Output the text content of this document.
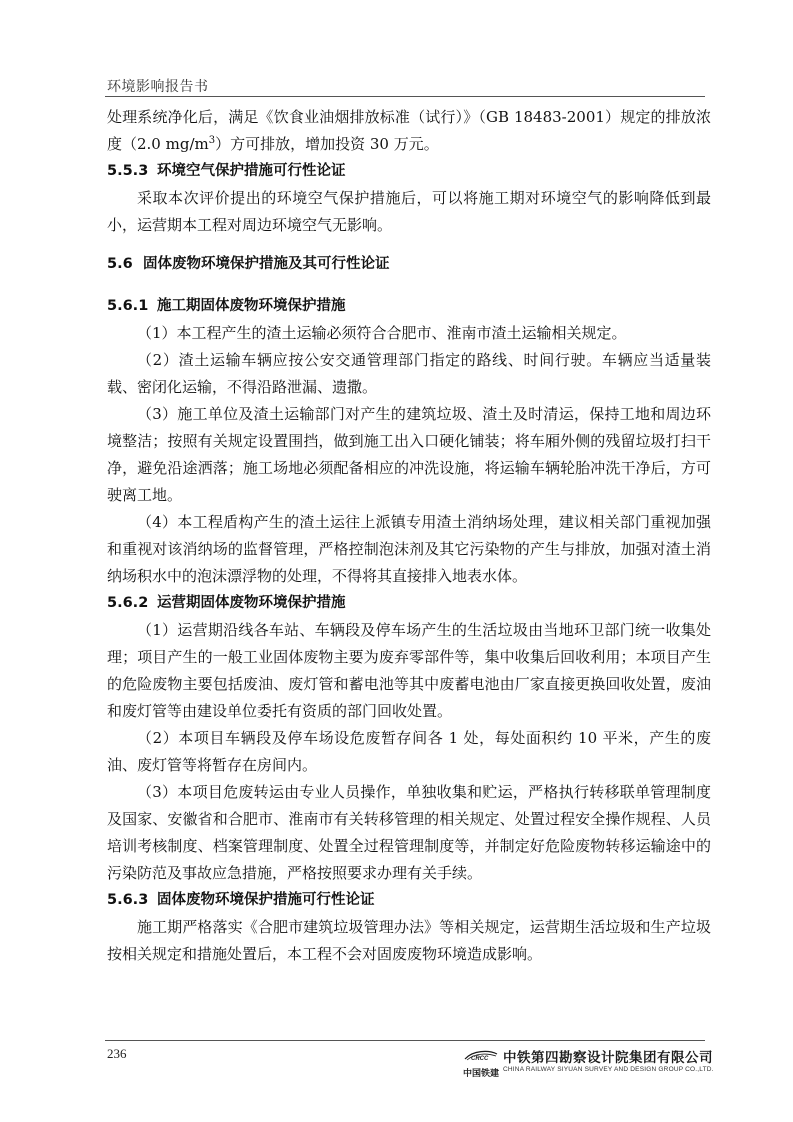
环境影响报告书

处理系统净化后，满足《饮食业油烟排放标准（试行）》（GB 18483-2001）规定的排放浓度（2.0 $mg/m^3$）方可排放，增加投资 30 万元。

5.5.3 环境空气保护措施可行性论证

采取本次评价提出的环境空气保护措施后，可以将施工期对环境空气的影响降低到最小，运营期本工程对周边环境空气无影响。

5.6 固体废物环境保护措施及其可行性论证
5.6.1 施工期固体废物环境保护措施

（1）本工程产生的渣土运输必须符合合肥市、淮南市渣土运输相关规定。

（2）渣土运输车辆应按公安交通管理部门指定的路线、时间行驶。车辆应当适量装载、密闭化运输，不得沿路泄漏、遗撒。

（3）施工单位及渣土运输部门对产生的建筑垃圾、渣土及时清运，保持工地和周边环境整洁；按照有关规定设置围挡，做到施工出入口硬化铺装；将车厢外侧的残留垃圾打扫干净，避免沿途洒落；施工场地必须配备相应的冲洗设施，将运输车辆轮胎冲洗干净后，方可驶离工地。

（4）本工程盾构产生的渣土运往上派镇专用渣土消纳场处理，建议相关部门重视加强和重视对该消纳场的监督管理，严格控制泡沫剂及其它污染物的产生与排放，加强对渣土消纳场积水中的泡沫漂浮物的处理，不得将其直接排入地表水体。

5.6.2 运营期固体废物环境保护措施

（1）运营期沿线各车站、车辆段及停车场产生的生活垃圾由当地环卫部门统一收集处理；项目产生的一般工业固体废物主要为废弃零部件等，集中收集后回收利用；本项目产生的危险废物主要包括废油、废灯管和蓄电池等其中废蓄电池由厂家直接更换回收处置，废油和废灯管等由建设单位委托有资质的部门回收处置。

（2）本项目车辆段及停车场设危废暂存间各 1 处，每处面积约 10 平米，产生的废油、废灯管等将暂存在房间内。

（3）本项目危废转运由专业人员操作，单独收集和贮运，严格执行转移联单管理制度及国家、安徽省和合肥市、淮南市有关转移管理的相关规定、处置过程安全操作规程、人员培训考核制度、档案管理制度、处置全过程管理制度等，并制定好危险废物转移运输途中的污染防范及事故应急措施，严格按照要求办理有关手续。

5.6.3 固体废物环境保护措施可行性论证

施工期严格落实《合肥市建筑垃圾管理办法》等相关规定，运营期生活垃圾和生产垃圾按相关规定和措施处置后，本工程不会对固废废物环境造成影响。

236	CRCC
中国铁建
中铁第四勘察设计院集团有限公司
CHINA RAILWAY SIYUAN SURVEY AND DESIGN GROUP CO.,LTD.
